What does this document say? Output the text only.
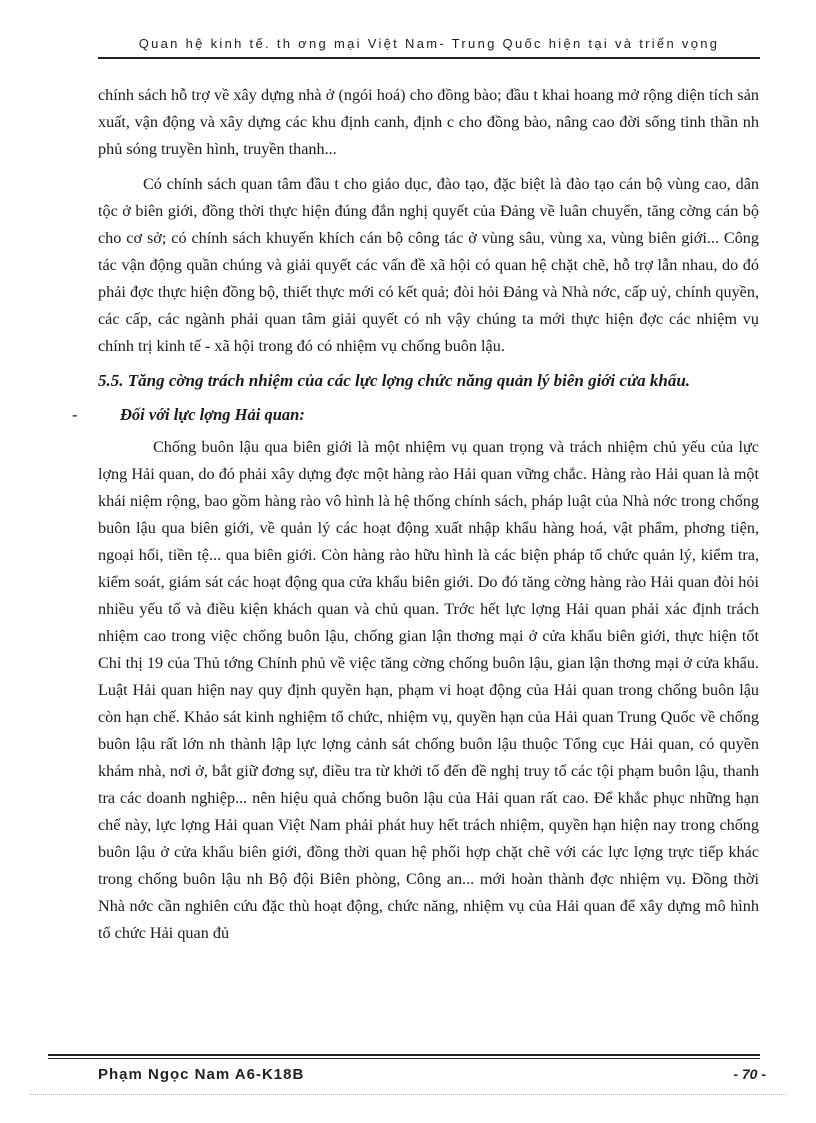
Quan hệ kinh tế. th ơng mại Việt Nam- Trung Quốc hiện tại và triển vọng

chính sách hỗ trợ về xây dựng nhà ở (ngói hoá) cho đồng bào; đầu t khai hoang mở rộng diện tích sản xuất, vận động và xây dựng các khu định canh, định c cho đồng bào, nâng cao đời sống tinh thần nh phủ sóng truyền hình, truyền thanh...

Có chính sách quan tâm đầu t cho giáo dục, đào tạo, đặc biệt là đào tạo cán bộ vùng cao, dân tộc ở biên giới, đồng thời thực hiện đúng đắn nghị quyết của Đảng về luân chuyển, tăng cờng cán bộ cho cơ sở; có chính sách khuyến khích cán bộ công tác ở vùng sâu, vùng xa, vùng biên giới... Công tác vận động quần chúng và giải quyết các vấn đề xã hội có quan hệ chặt chẽ, hỗ trợ lẫn nhau, do đó phải đợc thực hiện đồng bộ, thiết thực mới có kết quả; đòi hỏi Đảng và Nhà nớc, cấp uỷ, chính quyền, các cấp, các ngành phải quan tâm giải quyết có nh vậy chúng ta mới thực hiện đợc các nhiệm vụ chính trị kinh tế - xã hội trong đó có nhiệm vụ chống buôn lậu.

5.5. Tăng cờng trách nhiệm của các lực lợng chức năng quản lý biên giới cửa khẩu.

-	Đối với lực lợng Hải quan:

Chống buôn lậu qua biên giới là một nhiệm vụ quan trọng và trách nhiệm chủ yếu của lực lợng Hải quan, do đó phải xây dựng đợc một hàng rào Hải quan vững chắc. Hàng rào Hải quan là một khái niệm rộng, bao gồm hàng rào vô hình là hệ thống chính sách, pháp luật của Nhà nớc trong chống buôn lậu qua biên giới, về quản lý các hoạt động xuất nhập khẩu hàng hoá, vật phẩm, phơng tiện, ngoại hối, tiền tệ... qua biên giới. Còn hàng rào hữu hình là các biện pháp tổ chức quản lý, kiểm tra, kiểm soát, giám sát các hoạt động qua cửa khẩu biên giới. Do đó tăng cờng hàng rào Hải quan đòi hỏi nhiều yếu tố và điều kiện khách quan và chủ quan. Trớc hết lực lợng Hải quan phải xác định trách nhiệm cao trong việc chống buôn lậu, chống gian lận thơng mại ở cửa khẩu biên giới, thực hiện tốt Chỉ thị 19 của Thủ tớng Chính phủ về việc tăng cờng chống buôn lậu, gian lận thơng mại ở cửa khẩu. Luật Hải quan hiện nay quy định quyền hạn, phạm vi hoạt động của Hải quan trong chống buôn lậu còn hạn chế. Khảo sát kinh nghiệm tổ chức, nhiệm vụ, quyền hạn của Hải quan Trung Quốc về chống buôn lậu rất lớn nh thành lập lực lợng cảnh sát chống buôn lậu thuộc Tổng cục Hải quan, có quyền khám nhà, nơi ở, bắt giữ đơng sự, điều tra từ khởi tố đến đề nghị truy tố các tội phạm buôn lậu, thanh tra các doanh nghiệp... nên hiệu quả chống buôn lậu của Hải quan rất cao. Để khắc phục những hạn chế này, lực lợng Hải quan Việt Nam phải phát huy hết trách nhiệm, quyền hạn hiện nay trong chống buôn lậu ở cửa khẩu biên giới, đồng thời quan hệ phối hợp chặt chẽ với các lực lợng trực tiếp khác trong chống buôn lậu nh Bộ đội Biên phòng, Công an... mới hoàn thành đợc nhiệm vụ. Đồng thời Nhà nớc cần nghiên cứu đặc thù hoạt động, chức năng, nhiệm vụ của Hải quan để xây dựng mô hình tổ chức Hải quan đủ

Phạm Ngọc Nam A6-K18B	- 70 -
